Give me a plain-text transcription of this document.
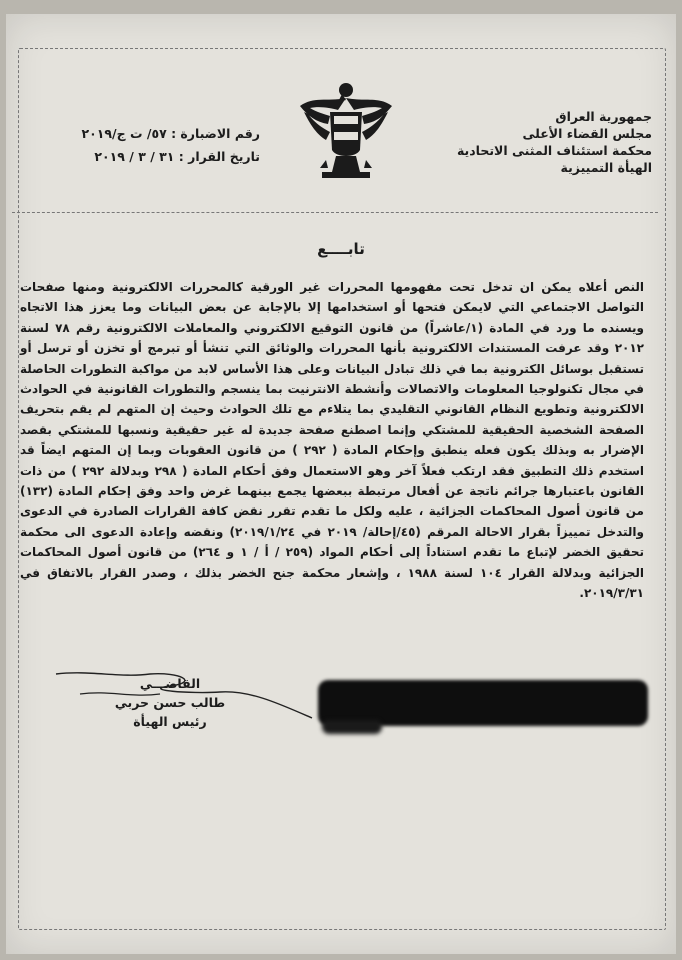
جمهورية العراق
مجلس القضاء الأعلى
محكمة استئناف المثنى الاتحادية
الهيأة التمييزية
رقم الاضبارة : ٥٧/ ت ج/٢٠١٩
تاريخ القرار : ٣١ / ٣ / ٢٠١٩
تابــــع

النص أعلاه يمكن ان تدخل تحت مفهومها المحررات غير الورقية كالمحررات الالكترونية ومنها صفحات التواصل الاجتماعي التي لايمكن فتحها أو استخدامها إلا بالإجابة عن بعض البيانات وما يعزز هذا الاتجاه ويسنده ما ورد في المادة (١/عاشراً) من قانون التوقيع الالكتروني والمعاملات الالكترونية رقم ٧٨ لسنة ٢٠١٢ وقد عرفت المستندات الالكترونية بأنها المحررات والوثائق التي تنشأ أو تبرمج أو تخزن أو ترسل أو تستقبل بوسائل الكترونية بما في ذلك تبادل البيانات وعلى هذا الأساس لابد من مواكبة التطورات الحاصلة في مجال تكنولوجيا المعلومات والاتصالات وأنشطة الانترنيت بما ينسجم والتطورات القانونية في الحوادث الالكترونية وتطويع النظام القانوني التقليدي بما يتلاءم مع تلك الحوادث وحيث إن المتهم لم يقم بتحريف الصفحة الشخصية الحقيقية للمشتكي وإنما اصطنع صفحة جديدة له غير حقيقية ونسبها للمشتكي بقصد الإضرار به وبذلك يكون فعله ينطبق وإحكام المادة ( ٢٩٢ ) من قانون العقوبات وبما إن المتهم ايضاً قد استخدم ذلك التطبيق فقد ارتكب فعلاً آخر وهو الاستعمال وفق أحكام المادة ( ٢٩٨ وبدلالة ٢٩٢ ) من ذات القانون باعتبارها جرائم ناتجة عن أفعال مرتبطة ببعضها يجمع بينهما غرض واحد وفق إحكام المادة (١٣٢) من قانون أصول المحاكمات الجزائية ، عليه ولكل ما تقدم تقرر نقض كافة القرارات الصادرة في الدعوى والتدخل تمييزاً بقرار الاحالة المرقم (٤٥/إحالة/ ٢٠١٩ في ٢٠١٩/١/٢٤) ونقضه وإعادة الدعوى الى محكمة تحقيق الخضر لإتباع ما تقدم استناداً إلى أحكام المواد (٢٥٩ / أ / ١ و ٢٦٤) من قانون أصول المحاكمات الجزائية وبدلالة القرار ١٠٤ لسنة ١٩٨٨ ، وإشعار محكمة جنح الخضر بذلك ، وصدر القرار بالاتفاق في ٢٠١٩/٣/٣١.

القاضـــي
طالب حسن حربي
رئيس الهيأة
